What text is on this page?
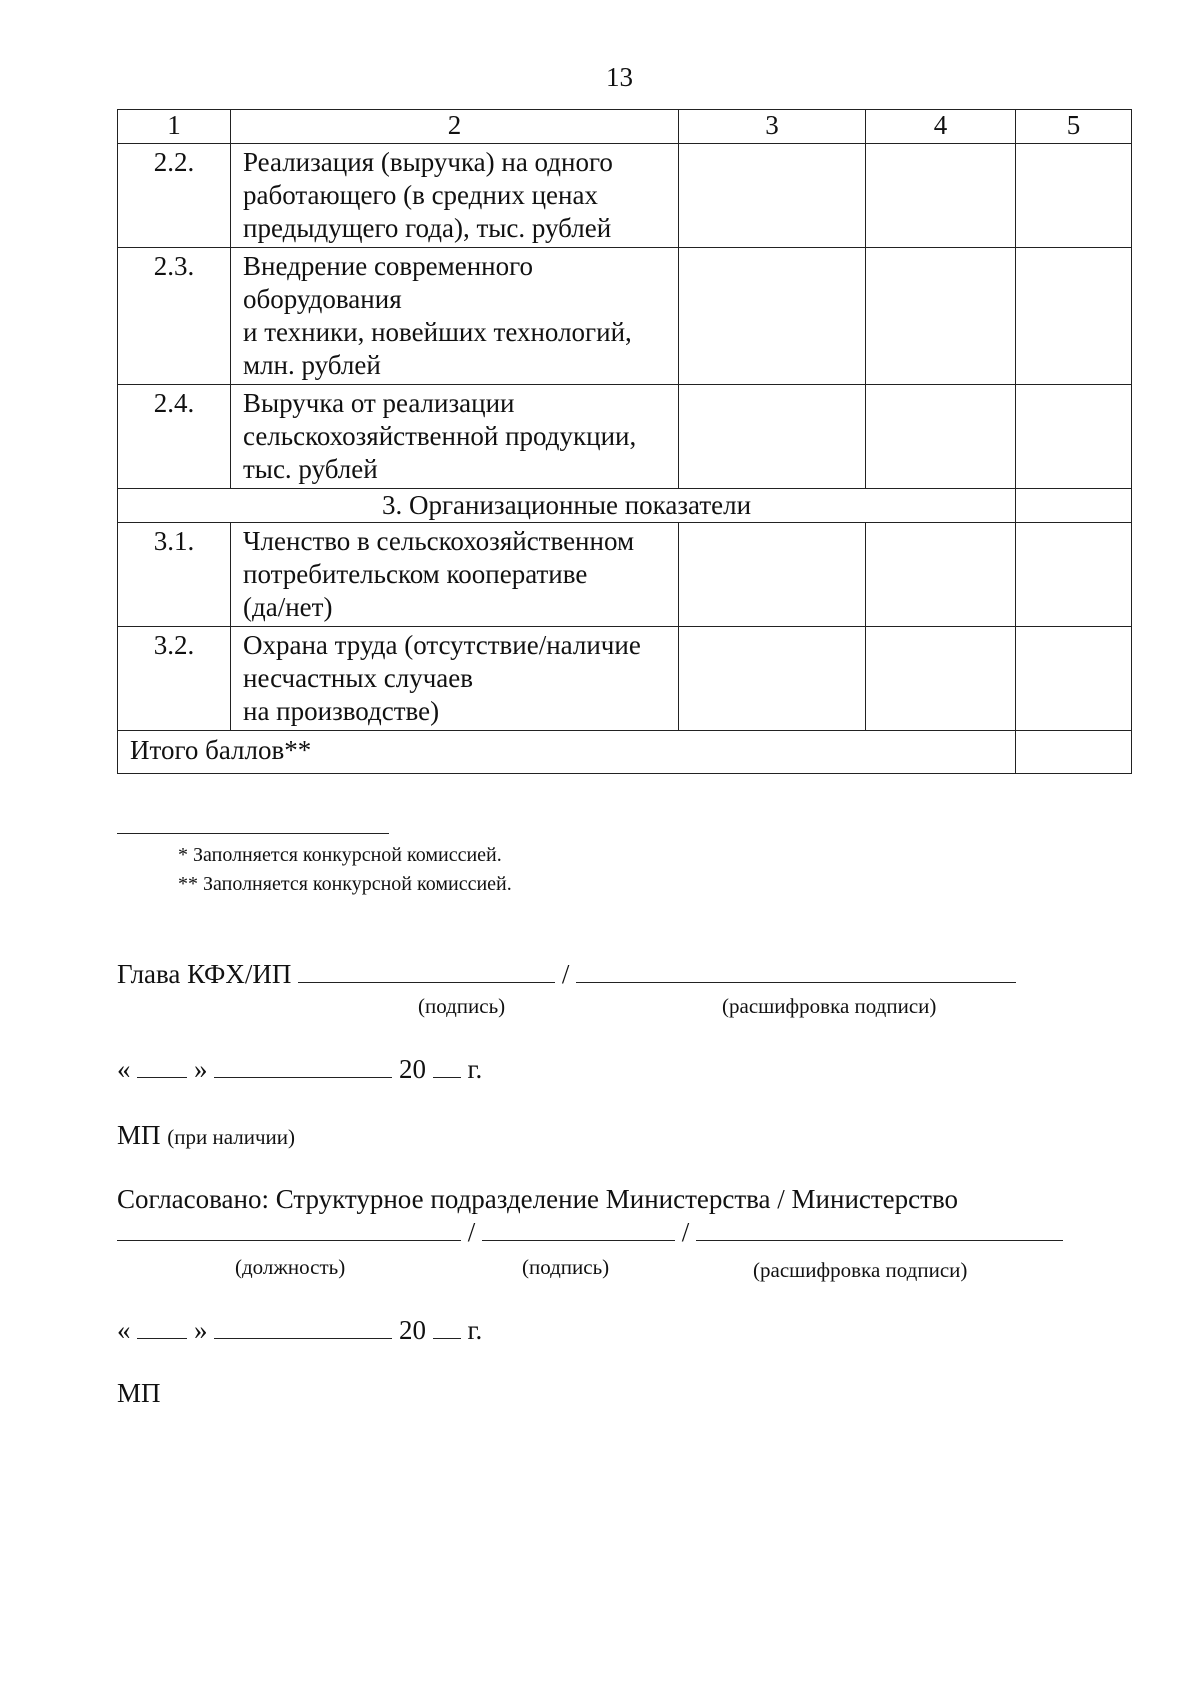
13
1	2	3	4	5
2.2.	Реализация (выручка) на одного
работающего (в средних ценах
предыдущего года), тыс. рублей			

2.3.	Внедрение современного
оборудования
и техники, новейших технологий,
млн. рублей			

2.4.	Выручка от реализации
сельскохозяйственной продукции,
тыс. рублей			

3. Организационные показатели				
3.1.	Членство в сельскохозяйственном
потребительском кооперативе
(да/нет)			

3.2.	Охрана труда (отсутствие/наличие
несчастных случаев
на производстве)			

Итого баллов**				
* Заполняется конкурсной комиссией.
** Заполняется конкурсной комиссией.
Глава КФХ/ИП	/
(подпись)	(расшифровка подписи)
« »	20 г.
МП (при наличии)
Согласовано: Структурное подразделение Министерства / Министерство
/	/
(должность)	(подпись)	(расшифровка подписи)
« »	20 г.
МП
